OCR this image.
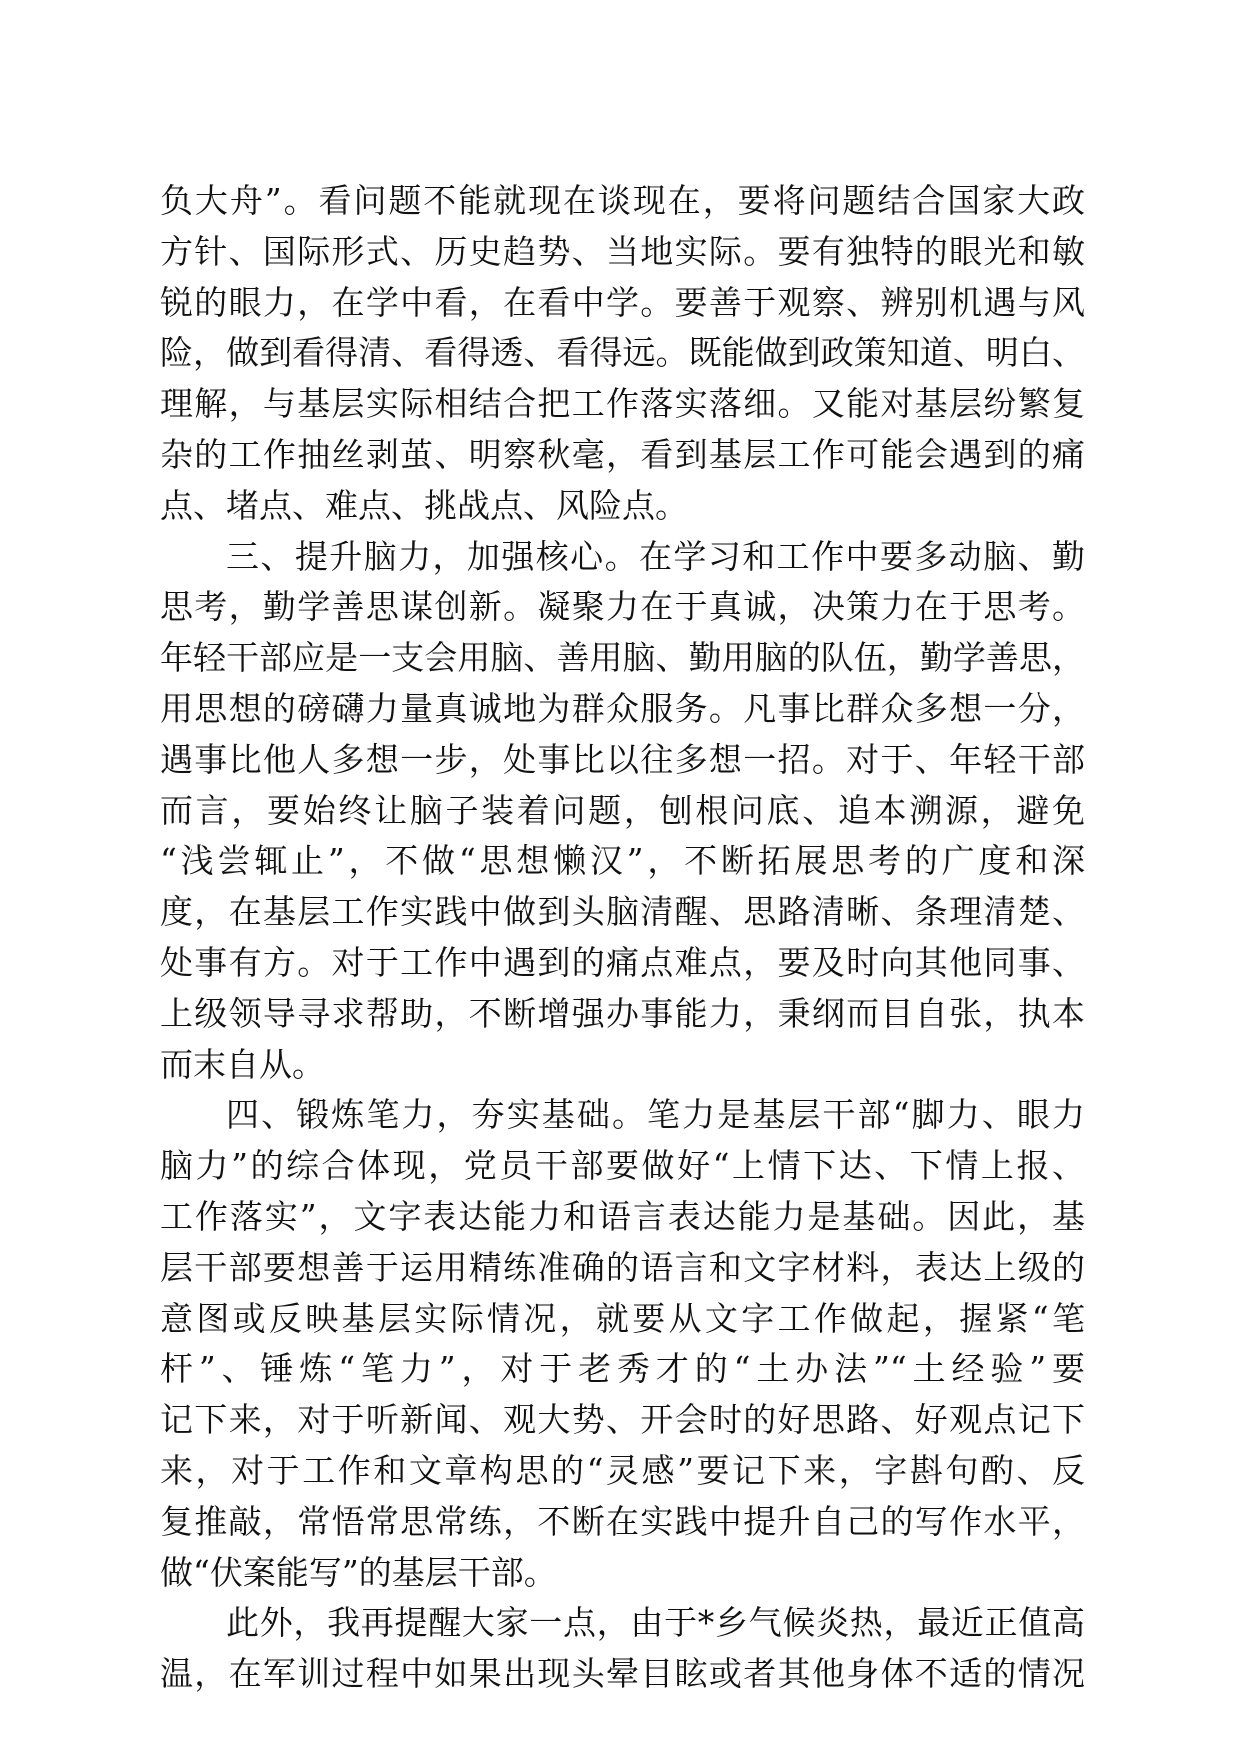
负大舟”。看问题不能就现在谈现在，要将问题结合国家大政
方针、国际形式、历史趋势、当地实际。要有独特的眼光和敏
锐的眼力，在学中看，在看中学。要善于观察、辨别机遇与风
险，做到看得清、看得透、看得远。既能做到政策知道、明白、
理解，与基层实际相结合把工作落实落细。又能对基层纷繁复
杂的工作抽丝剥茧、明察秋毫，看到基层工作可能会遇到的痛
点、堵点、难点、挑战点、风险点。
三、提升脑力，加强核心。在学习和工作中要多动脑、勤
思考，勤学善思谋创新。凝聚力在于真诚，决策力在于思考。
年轻干部应是一支会用脑、善用脑、勤用脑的队伍，勤学善思，
用思想的磅礴力量真诚地为群众服务。凡事比群众多想一分，
遇事比他人多想一步，处事比以往多想一招。对于、年轻干部
而言，要始终让脑子装着问题，刨根问底、追本溯源，避免
“浅尝辄止”，不做“思想懒汉”，不断拓展思考的广度和深
度，在基层工作实践中做到头脑清醒、思路清晰、条理清楚、
处事有方。对于工作中遇到的痛点难点，要及时向其他同事、
上级领导寻求帮助，不断增强办事能力，秉纲而目自张，执本
而末自从。
四、锻炼笔力，夯实基础。笔力是基层干部“脚力、眼力
脑力”的综合体现，党员干部要做好“上情下达、下情上报、
工作落实”，文字表达能力和语言表达能力是基础。因此，基
层干部要想善于运用精练准确的语言和文字材料，表达上级的
意图或反映基层实际情况，就要从文字工作做起，握紧“笔
杆”、锤炼“笔力”，对于老秀才的“土办法”“土经验”要
记下来，对于听新闻、观大势、开会时的好思路、好观点记下
来，对于工作和文章构思的“灵感”要记下来，字斟句酌、反
复推敲，常悟常思常练，不断在实践中提升自己的写作水平，
做“伏案能写”的基层干部。
此外，我再提醒大家一点，由于*乡气候炎热，最近正值高
温，在军训过程中如果出现头晕目眩或者其他身体不适的情况
